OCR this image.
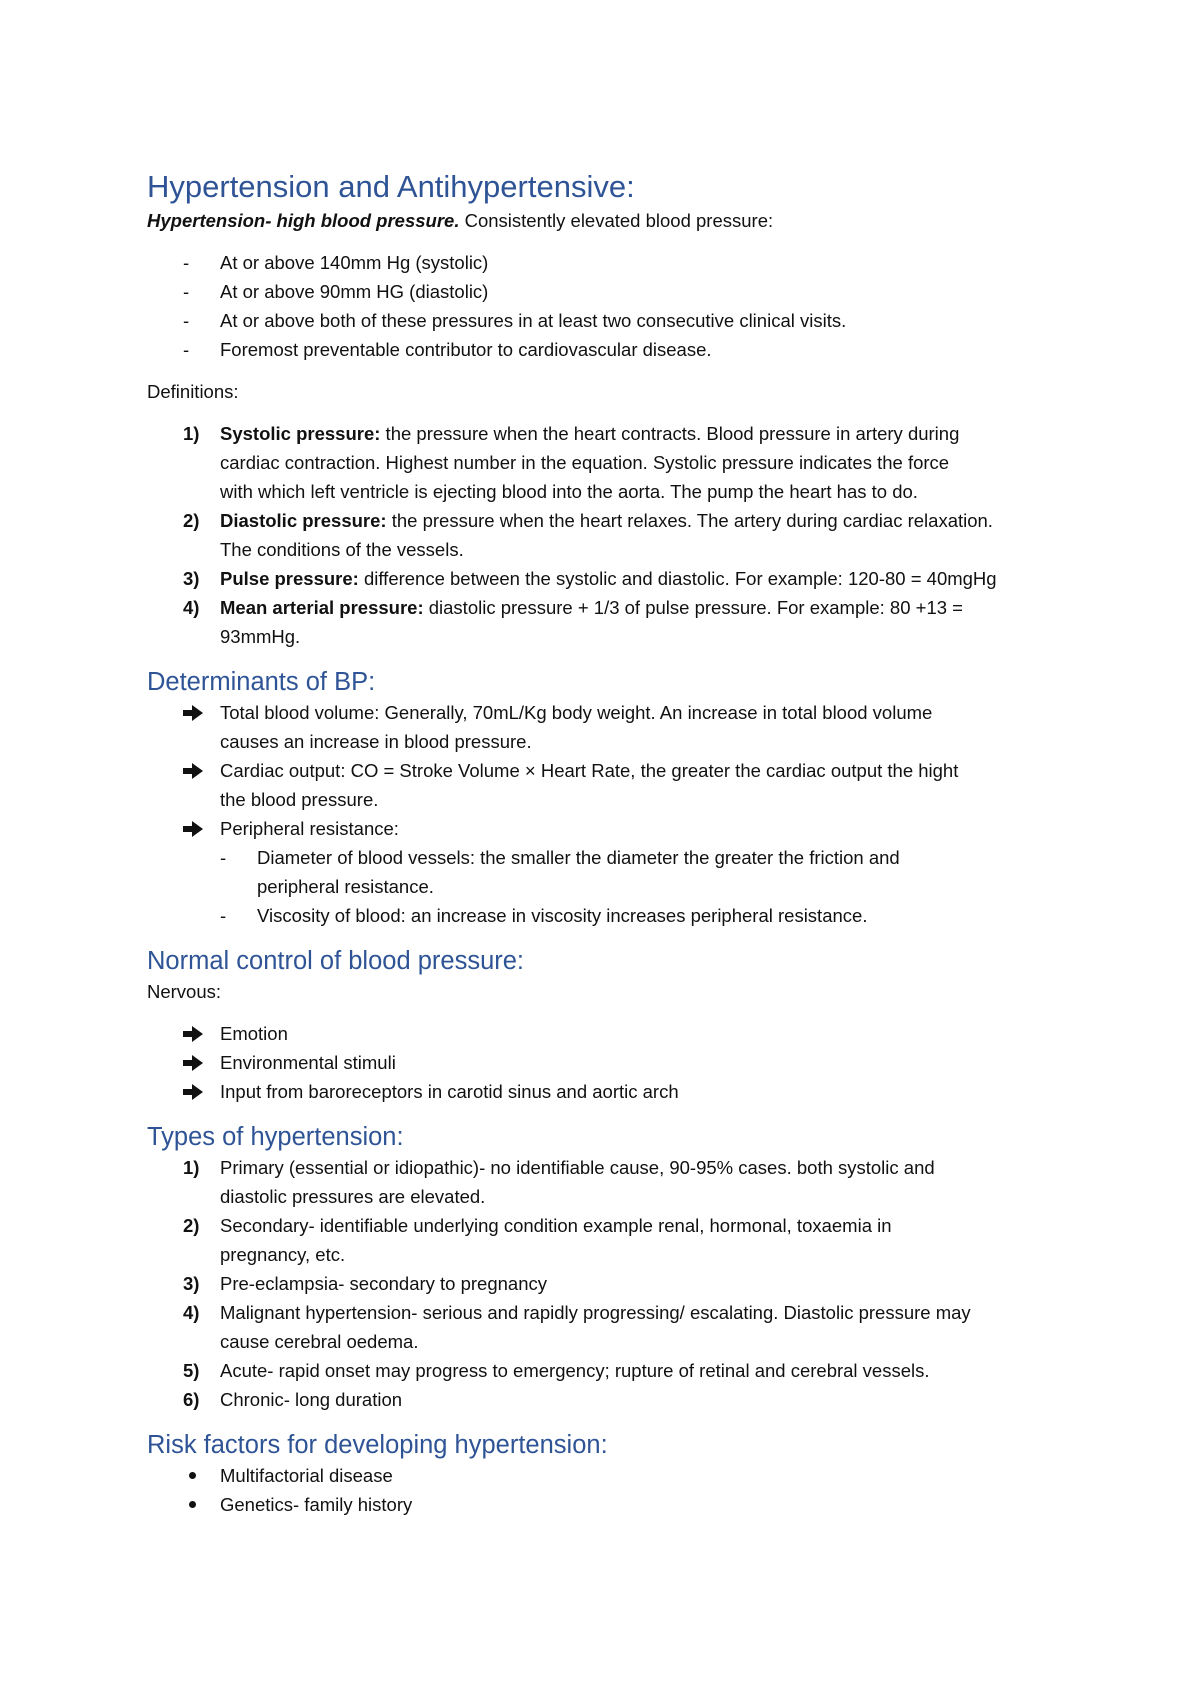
Hypertension and Antihypertensive:

Hypertension- high blood pressure. Consistently elevated blood pressure:

-	At or above 140mm Hg (systolic)
-	At or above 90mm HG (diastolic)
-	At or above both of these pressures in at least two consecutive clinical visits.
-	Foremost preventable contributor to cardiovascular disease.

Definitions:

1)	Systolic pressure: the pressure when the heart contracts. Blood pressure in artery during
cardiac contraction. Highest number in the equation. Systolic pressure indicates the force
with which left ventricle is ejecting blood into the aorta. The pump the heart has to do.
2)	Diastolic pressure: the pressure when the heart relaxes. The artery during cardiac relaxation.
The conditions of the vessels.
3)	Pulse pressure: difference between the systolic and diastolic. For example: 120-80 = 40mgHg
4)	Mean arterial pressure: diastolic pressure + 1/3 of pulse pressure. For example: 80 +13 =
93mmHg.
Determinants of BP:
Total blood volume: Generally, 70mL/Kg body weight. An increase in total blood volume
causes an increase in blood pressure.
Cardiac output: CO = Stroke Volume × Heart Rate, the greater the cardiac output the hight
the blood pressure.
Peripheral resistance:
-	Diameter of blood vessels: the smaller the diameter the greater the friction and
peripheral resistance.
-	Viscosity of blood: an increase in viscosity increases peripheral resistance.
Normal control of blood pressure:

Nervous:

Emotion
Environmental stimuli
Input from baroreceptors in carotid sinus and aortic arch
Types of hypertension:
1)	Primary (essential or idiopathic)- no identifiable cause, 90-95% cases. both systolic and
diastolic pressures are elevated.
2)	Secondary- identifiable underlying condition example renal, hormonal, toxaemia in
pregnancy, etc.
3)	Pre-eclampsia- secondary to pregnancy
4)	Malignant hypertension- serious and rapidly progressing/ escalating. Diastolic pressure may
cause cerebral oedema.
5)	Acute- rapid onset may progress to emergency; rupture of retinal and cerebral vessels.
6)	Chronic- long duration
Risk factors for developing hypertension:
Multifactorial disease
Genetics- family history
